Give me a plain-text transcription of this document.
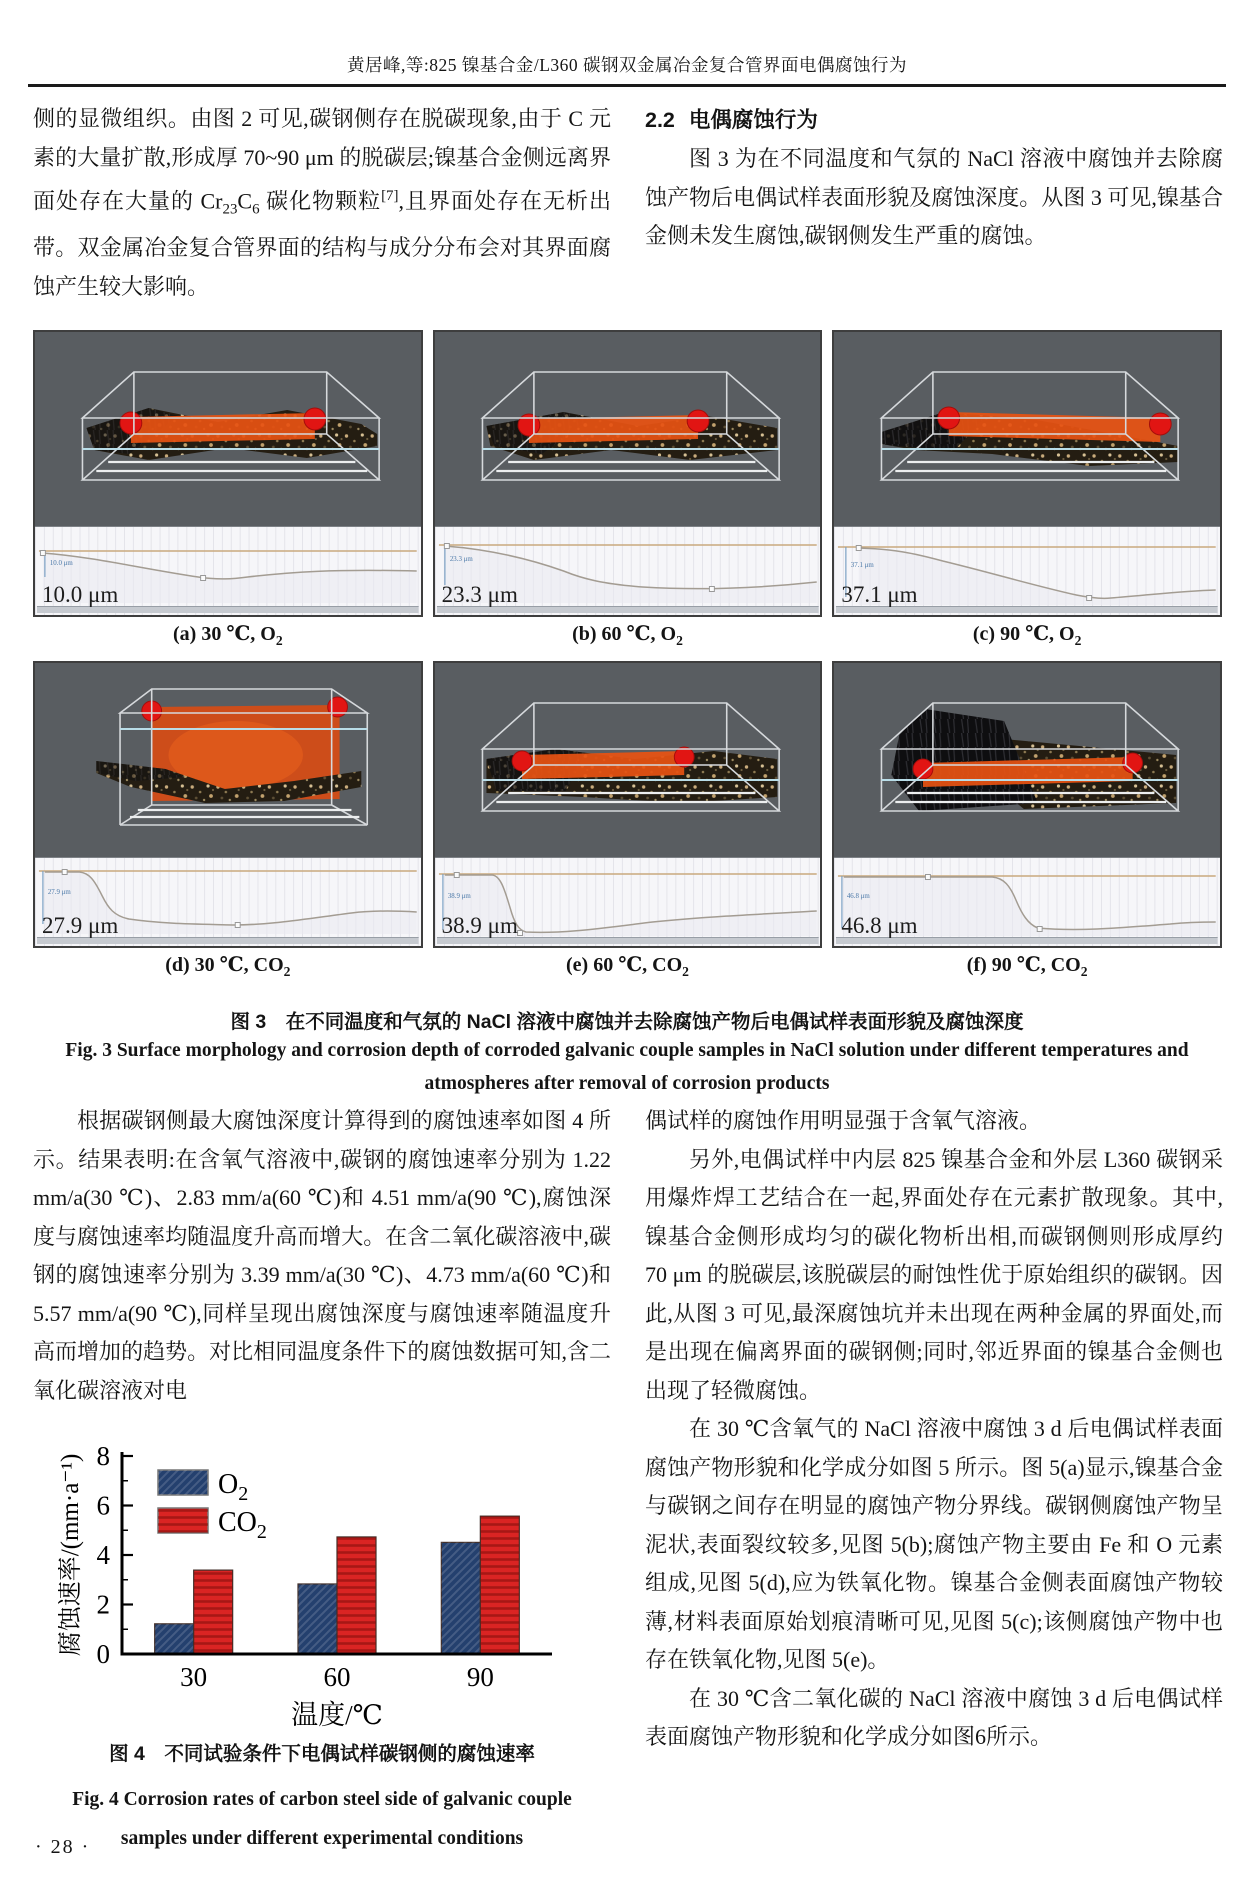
黄居峰,等:825 镍基合金/L360 碳钢双金属冶金复合管界面电偶腐蚀行为

侧的显微组织。由图 2 可见,碳钢侧存在脱碳现象,由于 C 元素的大量扩散,形成厚 70~90 μm 的脱碳层;镍基合金侧远离界面处存在大量的 $Cr_{23}C_6$ 碳化物颗粒[7],且界面处存在无析出带。双金属冶金复合管界面的结构与成分分布会对其界面腐蚀产生较大影响。

2.2 电偶腐蚀行为

图 3 为在不同温度和气氛的 NaCl 溶液中腐蚀并去除腐蚀产物后电偶试样表面形貌及腐蚀深度。从图 3 可见,镍基合金侧未发生腐蚀,碳钢侧发生严重的腐蚀。

10.0 μm
10.0 μm
(a) 30 ℃, $O_2$
23.3 μm
23.3 μm
(b) 60 ℃, $O_2$
37.1 μm
37.1 μm
(c) 90 ℃, $O_2$
27.9 μm
27.9 μm
(d) 30 ℃, $CO_2$
38.9 μm
38.9 μm
(e) 60 ℃, $CO_2$
46.8 μm
46.8 μm
(f) 90 ℃, $CO_2$
图 3　在不同温度和气氛的 NaCl 溶液中腐蚀并去除腐蚀产物后电偶试样表面形貌及腐蚀深度
Fig. 3 Surface morphology and corrosion depth of corroded galvanic couple samples in NaCl solution under different temperatures and
atmospheres after removal of corrosion products

根据碳钢侧最大腐蚀深度计算得到的腐蚀速率如图 4 所示。结果表明:在含氧气溶液中,碳钢的腐蚀速率分别为 1.22 mm/a(30 ℃)、2.83 mm/a(60 ℃)和 4.51 mm/a(90 ℃),腐蚀深度与腐蚀速率均随温度升高而增大。在含二氧化碳溶液中,碳钢的腐蚀速率分别为 3.39 mm/a(30 ℃)、4.73 mm/a(60 ℃)和 5.57 mm/a(90 ℃),同样呈现出腐蚀深度与腐蚀速率随温度升高而增加的趋势。对比相同温度条件下的腐蚀数据可知,含二氧化碳溶液对电

0
2
4
6
8
30	60	90
$O_2$
$CO_2$
温度/℃
腐蚀速率/(mm·a⁻¹)
图 4　不同试验条件下电偶试样碳钢侧的腐蚀速率
Fig. 4 Corrosion rates of carbon steel side of galvanic couple
samples under different experimental conditions

偶试样的腐蚀作用明显强于含氧气溶液。

另外,电偶试样中内层 825 镍基合金和外层 L360 碳钢采用爆炸焊工艺结合在一起,界面处存在元素扩散现象。其中,镍基合金侧形成均匀的碳化物析出相,而碳钢侧则形成厚约 70 μm 的脱碳层,该脱碳层的耐蚀性优于原始组织的碳钢。因此,从图 3 可见,最深腐蚀坑并未出现在两种金属的界面处,而是出现在偏离界面的碳钢侧;同时,邻近界面的镍基合金侧也出现了轻微腐蚀。

在 30 ℃含氧气的 NaCl 溶液中腐蚀 3 d 后电偶试样表面腐蚀产物形貌和化学成分如图 5 所示。图 5(a)显示,镍基合金与碳钢之间存在明显的腐蚀产物分界线。碳钢侧腐蚀产物呈泥状,表面裂纹较多,见图 5(b);腐蚀产物主要由 Fe 和 O 元素组成,见图 5(d),应为铁氧化物。镍基合金侧表面腐蚀产物较薄,材料表面原始划痕清晰可见,见图 5(c);该侧腐蚀产物中也存在铁氧化物,见图 5(e)。

在 30 ℃含二氧化碳的 NaCl 溶液中腐蚀 3 d 后电偶试样表面腐蚀产物形貌和化学成分如图6所示。

· 28 ·
